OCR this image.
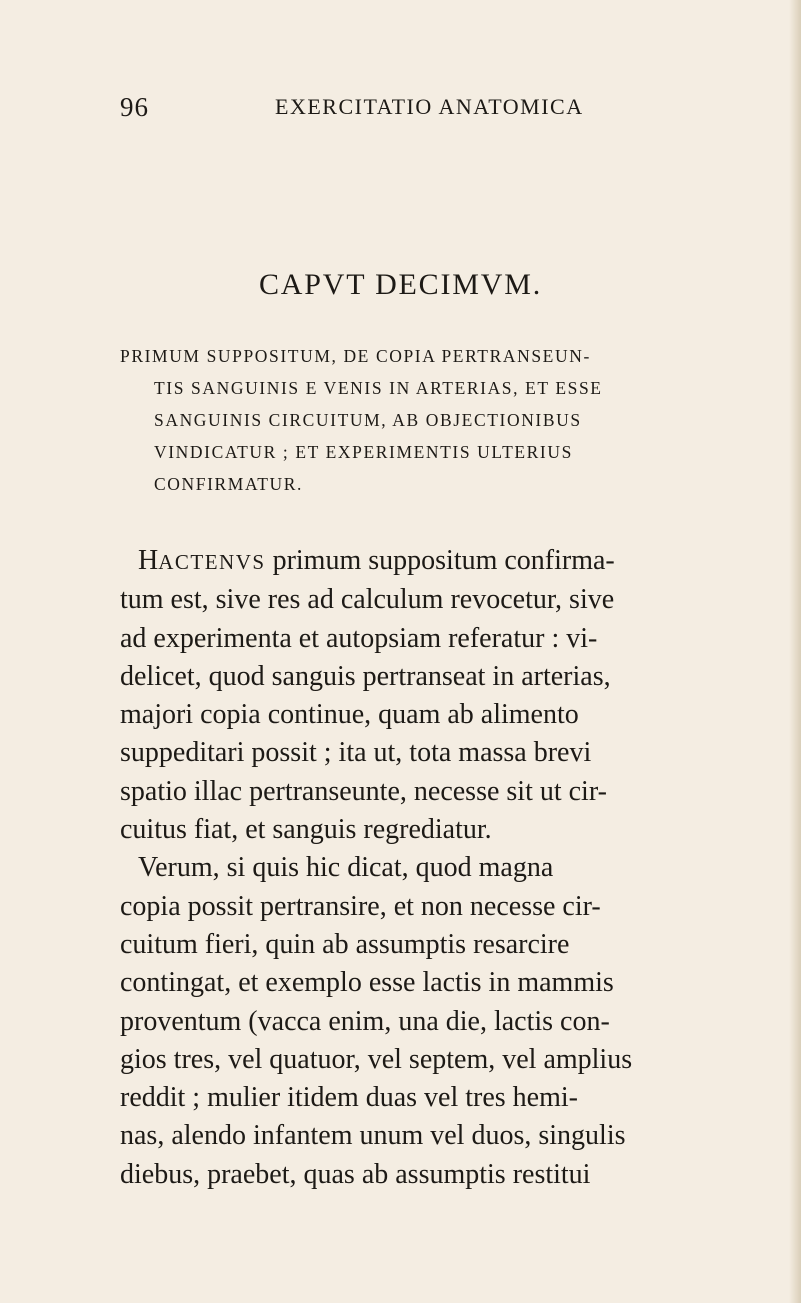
96	EXERCITATIO ANATOMICA
CAPVT DECIMVM.
PRIMUM SUPPOSITUM, DE COPIA PERTRANSEUN-
TIS SANGUINIS E VENIS IN ARTERIAS, ET ESSE
SANGUINIS CIRCUITUM, AB OBJECTIONIBUS
VINDICATUR ; ET EXPERIMENTIS ULTERIUS
CONFIRMATUR.
HACTENVS primum suppositum confirma-
tum est, sive res ad calculum revocetur, sive
ad experimenta et autopsiam referatur : vi-
delicet, quod sanguis pertranseat in arterias,
majori copia continue, quam ab alimento
suppeditari possit ; ita ut, tota massa brevi
spatio illac pertranseunte, necesse sit ut cir-
cuitus fiat, et sanguis regrediatur.
Verum, si quis hic dicat, quod magna
copia possit pertransire, et non necesse cir-
cuitum fieri, quin ab assumptis resarcire
contingat, et exemplo esse lactis in mammis
proventum (vacca enim, una die, lactis con-
gios tres, vel quatuor, vel septem, vel amplius
reddit ; mulier itidem duas vel tres hemi-
nas, alendo infantem unum vel duos, singulis
diebus, praebet, quas ab assumptis restitui
